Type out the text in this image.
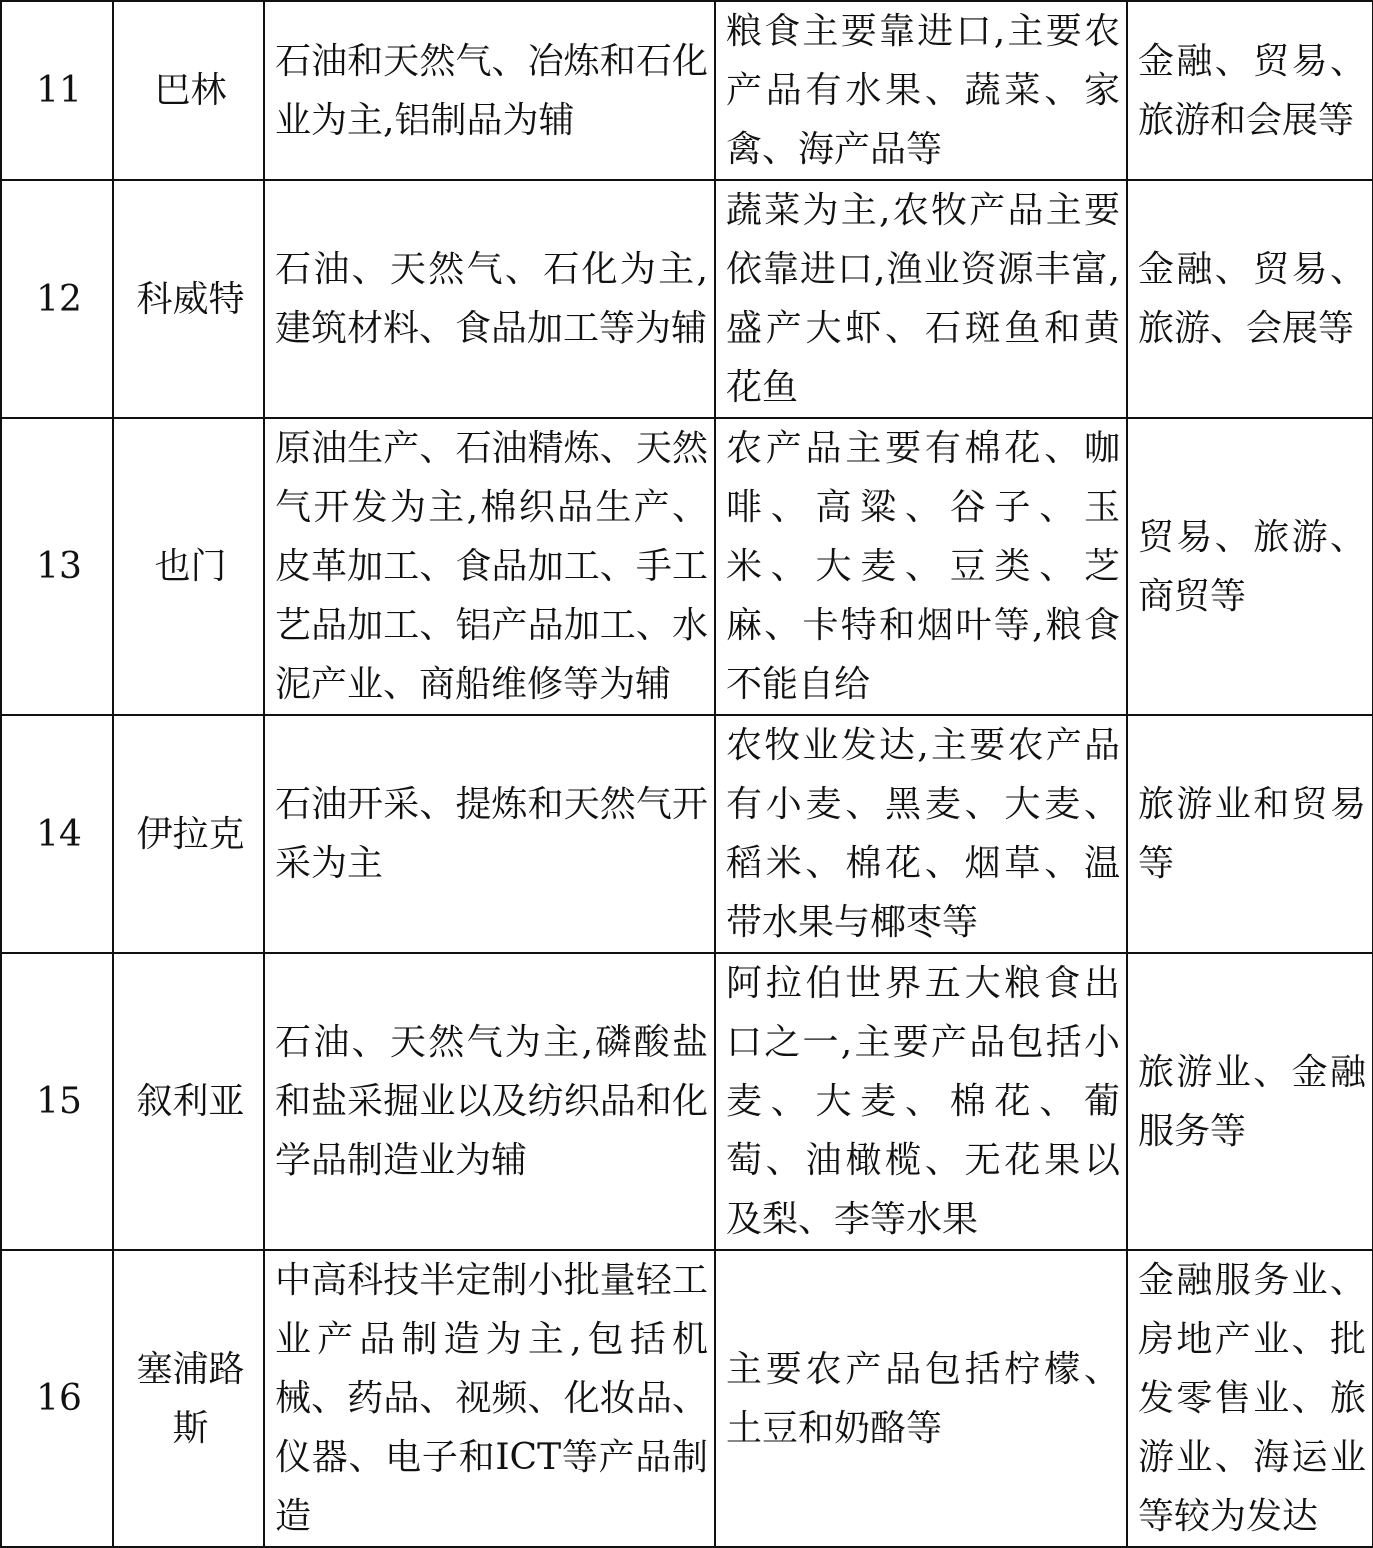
11	巴林	石油和天然气、冶炼和石化业为主,铝制品为辅	粮食主要靠进口,主要农产品有水果、蔬菜、家禽、海产品等	金融、贸易、旅游和会展等
12	科威特	石油、天然气、石化为主,建筑材料、食品加工等为辅	蔬菜为主,农牧产品主要依靠进口,渔业资源丰富,盛产大虾、石斑鱼和黄花鱼	金融、贸易、旅游、会展等
13	也门	原油生产、石油精炼、天然气开发为主,棉织品生产、皮革加工、食品加工、手工艺品加工、铝产品加工、水泥产业、商船维修等为辅	农产品主要有棉花、咖啡、高粱、谷子、玉米、大麦、豆类、芝麻、卡特和烟叶等,粮食不能自给	贸易、旅游、商贸等
14	伊拉克	石油开采、提炼和天然气开采为主	农牧业发达,主要农产品有小麦、黑麦、大麦、稻米、棉花、烟草、温带水果与椰枣等	旅游业和贸易等
15	叙利亚	石油、天然气为主,磷酸盐和盐采掘业以及纺织品和化学品制造业为辅	阿拉伯世界五大粮食出口之一,主要产品包括小麦、大麦、棉花、葡萄、油橄榄、无花果以及梨、李等水果	旅游业、金融服务等
16	塞浦路斯	中高科技半定制小批量轻工业产品制造为主,包括机械、药品、视频、化妆品、仪器、电子和ICT等产品制造	主要农产品包括柠檬、土豆和奶酪等	金融服务业、房地产业、批发零售业、旅游业、海运业等较为发达
